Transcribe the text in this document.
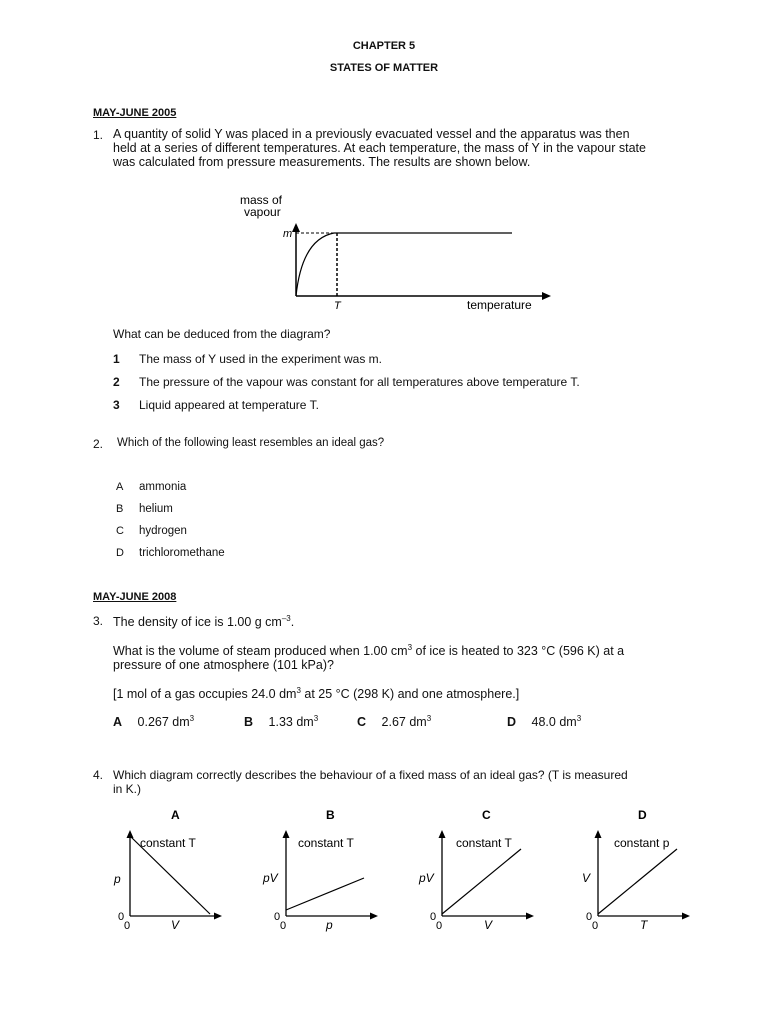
CHAPTER 5
STATES OF MATTER
MAY-JUNE 2005
1. A quantity of solid Y was placed in a previously evacuated vessel and the apparatus was then
held at a series of different temperatures. At each temperature, the mass of Y in the vapour state
was calculated from pressure measurements. The results are shown below.
mass of
vapour
m
T	temperature
What can be deduced from the diagram?
1 The mass of Y used in the experiment was m.
2 The pressure of the vapour was constant for all temperatures above temperature T.
3 Liquid appeared at temperature T.
2. Which of the following least resembles an ideal gas?
A ammonia
B helium
C hydrogen
D trichloromethane
MAY-JUNE 2008
3. The density of ice is 1.00 g $cm^{-3}$.
What is the volume of steam produced when 1.00 $cm^3$ of ice is heated to 323 °C (596 K) at a
pressure of one atmosphere (101 kPa)?
[1 mol of a gas occupies 24.0 $dm^3$ at 25 °C (298 K) and one atmosphere.]
A 0.267 $dm^3$	B 1.33 $dm^3$	C 2.67 $dm^3$	D 48.0 $dm^3$
4. Which diagram correctly describes the behaviour of a fixed mass of an ideal gas? (T is measured
in K.)
A
constant T
p
0
0	V
B
constant T
pV
0
0	p
C
constant T
pV
0
0	V
D
constant p
V
0
0	T
